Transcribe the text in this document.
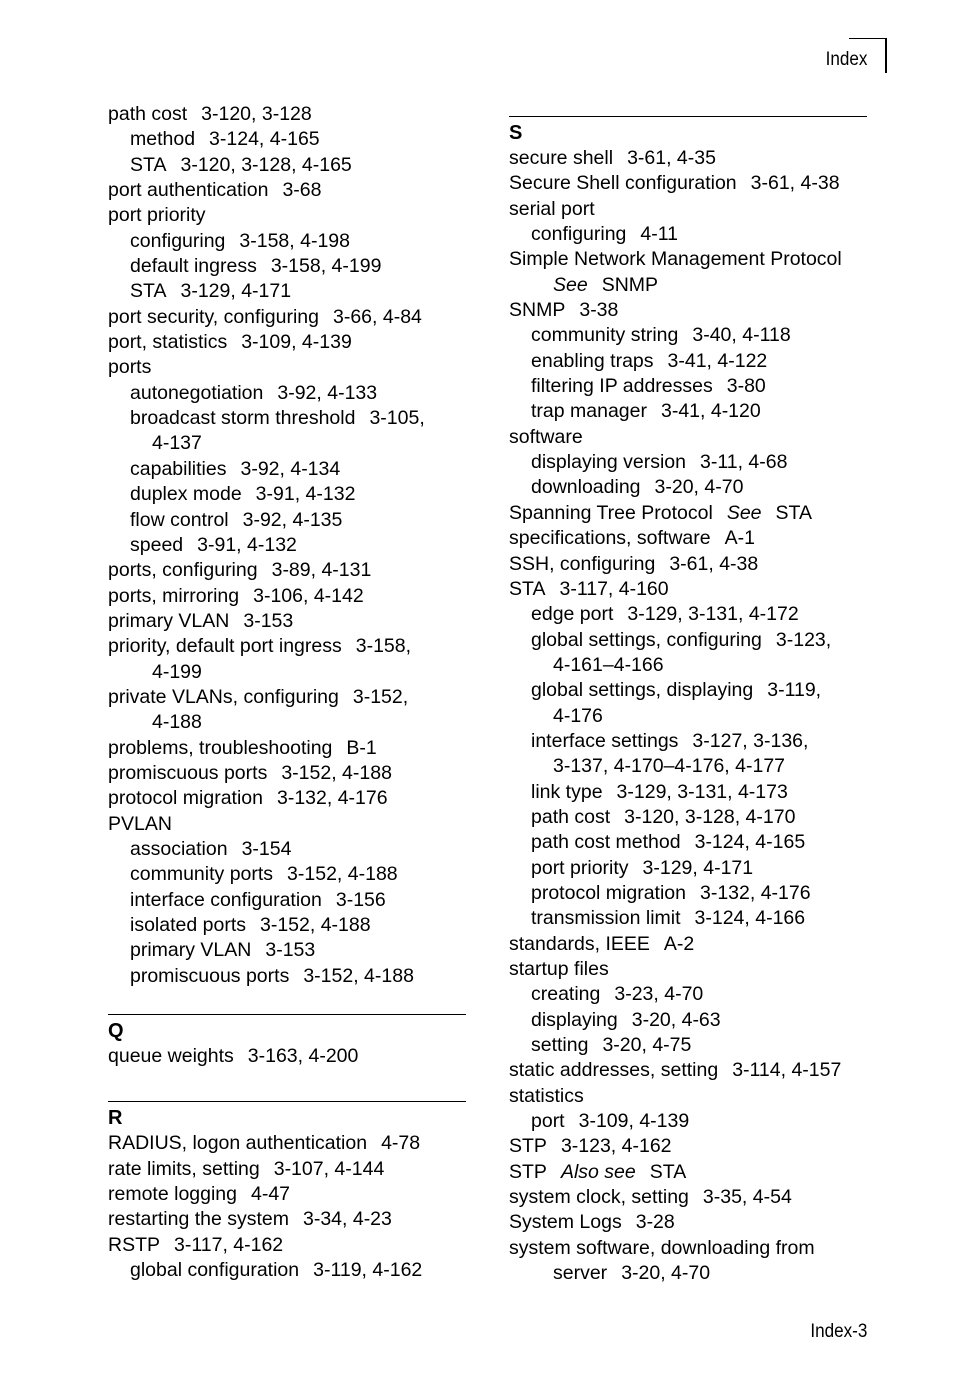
Index
path cost 3-120, 3-128
method 3-124, 4-165
STA 3-120, 3-128, 4-165
port authentication 3-68
port priority
configuring 3-158, 4-198
default ingress 3-158, 4-199
STA 3-129, 4-171
port security, configuring 3-66, 4-84
port, statistics 3-109, 4-139
ports
autonegotiation 3-92, 4-133
broadcast storm threshold 3-105,
4-137
capabilities 3-92, 4-134
duplex mode 3-91, 4-132
flow control 3-92, 4-135
speed 3-91, 4-132
ports, configuring 3-89, 4-131
ports, mirroring 3-106, 4-142
primary VLAN 3-153
priority, default port ingress 3-158,
4-199
private VLANs, configuring 3-152,
4-188
problems, troubleshooting B-1
promiscuous ports 3-152, 4-188
protocol migration 3-132, 4-176
PVLAN
association 3-154
community ports 3-152, 4-188
interface configuration 3-156
isolated ports 3-152, 4-188
primary VLAN 3-153
promiscuous ports 3-152, 4-188
Q
queue weights 3-163, 4-200
R
RADIUS, logon authentication 4-78
rate limits, setting 3-107, 4-144
remote logging 4-47
restarting the system 3-34, 4-23
RSTP 3-117, 4-162
global configuration 3-119, 4-162
S
secure shell 3-61, 4-35
Secure Shell configuration 3-61, 4-38
serial port
configuring 4-11
Simple Network Management Protocol
See SNMP
SNMP 3-38
community string 3-40, 4-118
enabling traps 3-41, 4-122
filtering IP addresses 3-80
trap manager 3-41, 4-120
software
displaying version 3-11, 4-68
downloading 3-20, 4-70
Spanning Tree Protocol See STA
specifications, software A-1
SSH, configuring 3-61, 4-38
STA 3-117, 4-160
edge port 3-129, 3-131, 4-172
global settings, configuring 3-123,
4-161–4-166
global settings, displaying 3-119,
4-176
interface settings 3-127, 3-136,
3-137, 4-170–4-176, 4-177
link type 3-129, 3-131, 4-173
path cost 3-120, 3-128, 4-170
path cost method 3-124, 4-165
port priority 3-129, 4-171
protocol migration 3-132, 4-176
transmission limit 3-124, 4-166
standards, IEEE A-2
startup files
creating 3-23, 4-70
displaying 3-20, 4-63
setting 3-20, 4-75
static addresses, setting 3-114, 4-157
statistics
port 3-109, 4-139
STP 3-123, 4-162
STP Also see STA
system clock, setting 3-35, 4-54
System Logs 3-28
system software, downloading from
server 3-20, 4-70
Index-3
